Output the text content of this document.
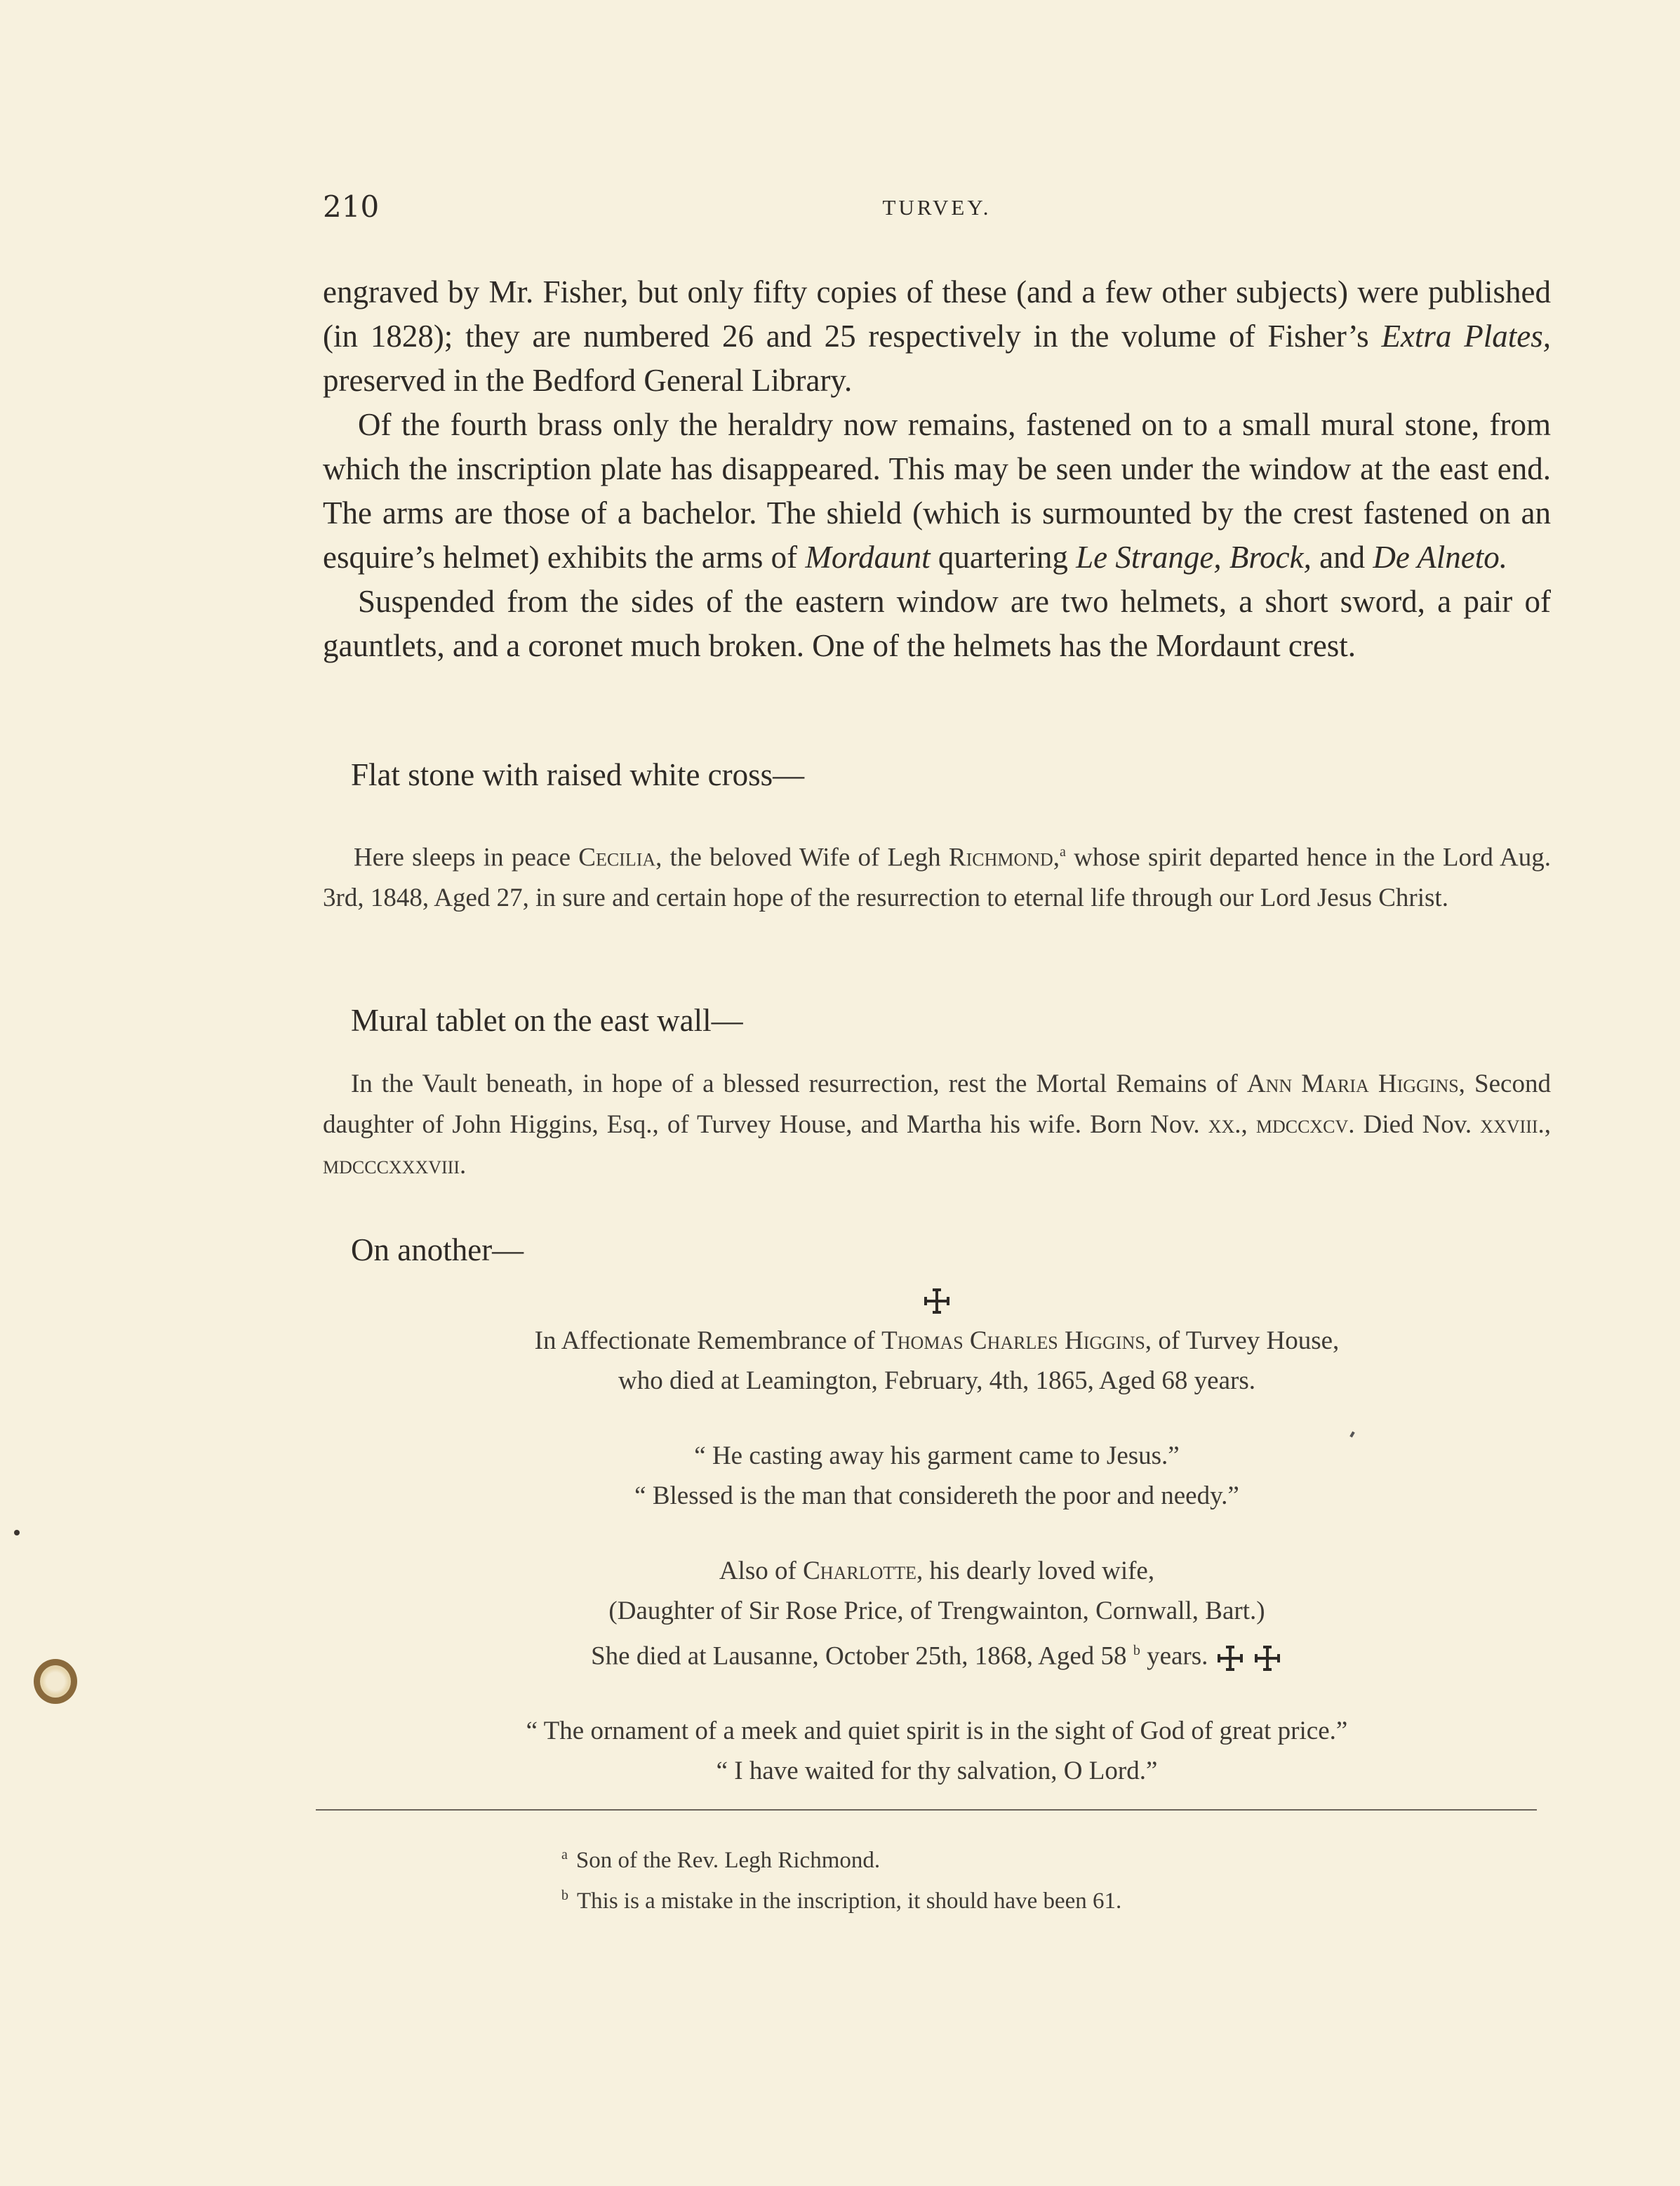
210	TURVEY.

engraved by Mr. Fisher, but only fifty copies of these (and a few other subjects) were published (in 1828); they are numbered 26 and 25 respectively in the volume of Fisher’s Extra Plates, preserved in the Bedford General Library.

Of the fourth brass only the heraldry now remains, fastened on to a small mural stone, from which the inscription plate has disappeared. This may be seen under the window at the east end. The arms are those of a bachelor. The shield (which is surmounted by the crest fastened on an esquire’s helmet) exhibits the arms of Mordaunt quartering Le Strange, Brock, and De Alneto.

Suspended from the sides of the eastern window are two helmets, a short sword, a pair of gauntlets, and a coronet much broken. One of the helmets has the Mordaunt crest.

Flat stone with raised white cross—

Here sleeps in peace Cecilia, the beloved Wife of Legh Richmond,$^a$ whose spirit departed hence in the Lord Aug. 3rd, 1848, Aged 27, in sure and certain hope of the resurrection to eternal life through our Lord Jesus Christ.

Mural tablet on the east wall—

In the Vault beneath, in hope of a blessed resurrection, rest the Mortal Remains of Ann Maria Higgins, Second daughter of John Higgins, Esq., of Turvey House, and Martha his wife. Born Nov. xx., mdccxcv. Died Nov. xxviii., mdcccxxxviii.

On another—
In Affectionate Remembrance of Thomas Charles Higgins, of Turvey House,
who died at Leamington, February, 4th, 1865, Aged 68 years.
“ He casting away his garment came to Jesus.”
“ Blessed is the man that considereth the poor and needy.”
Also of Charlotte, his dearly loved wife,
(Daughter of Sir Rose Price, of Trengwainton, Cornwall, Bart.)
She died at Lausanne, October 25th, 1868, Aged 58 $^b$ years.
“ The ornament of a meek and quiet spirit is in the sight of God of great price.”
“ I have waited for thy salvation, O Lord.”
$^a$ Son of the Rev. Legh Richmond.
$^b$ This is a mistake in the inscription, it should have been 61.
